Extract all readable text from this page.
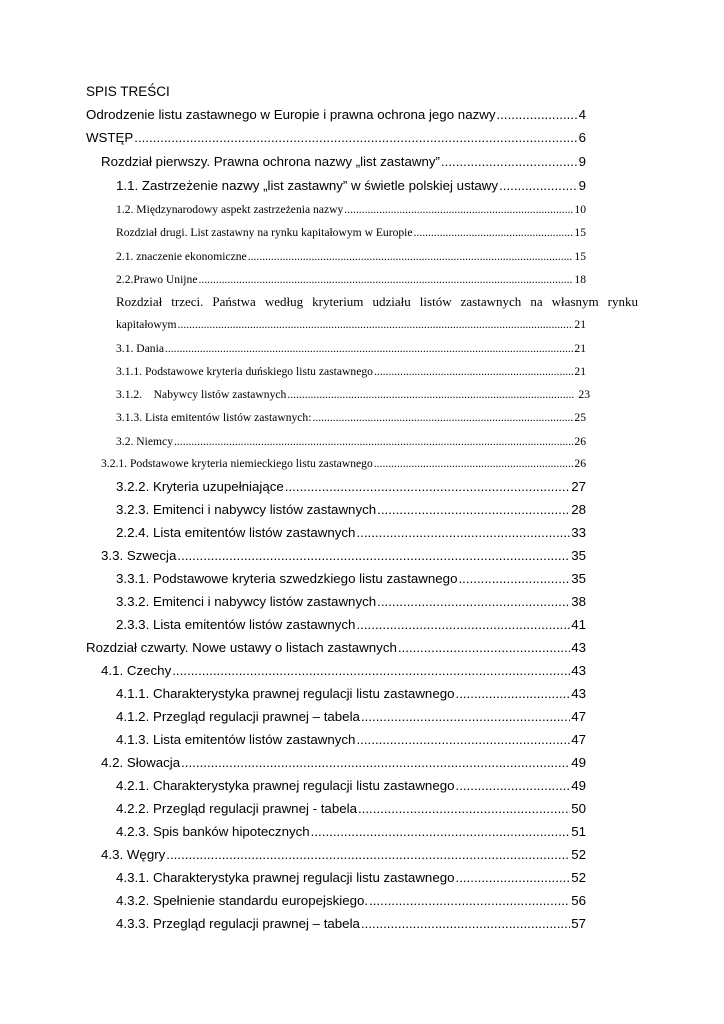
SPIS TREŚCI
Odrodzenie listu zastawnego w Europie i prawna ochrona jego nazwy .....	4
WSTĘP .....	6
Rozdział pierwszy. Prawna ochrona nazwy „list zastawny” .....	9
1.1. Zastrzeżenie nazwy „list zastawny” w świetle polskiej ustawy .....	9
1.2. Międzynarodowy aspekt zastrzeżenia nazwy .....	10
Rozdział drugi. List zastawny na rynku kapitałowym w Europie .....	15
2.1. znaczenie ekonomiczne .....	15
2.2.Prawo Unijne .....	18
Rozdział trzeci. Państwa według kryterium udziału listów zastawnych na własnym rynku
kapitałowym .....	21
3.1. Dania .....	21
3.1.1. Podstawowe kryteria duńskiego listu zastawnego .....	21
3.1.2.    Nabywcy listów zastawnych .....	23
3.1.3. Lista emitentów listów zastawnych: .....	25
3.2. Niemcy .....	26
3.2.1. Podstawowe kryteria niemieckiego listu zastawnego .....	26
3.2.2. Kryteria uzupełniające .....	27
3.2.3. Emitenci i nabywcy listów zastawnych .....	28
2.2.4. Lista emitentów listów zastawnych .....	33
3.3. Szwecja .....	35
3.3.1. Podstawowe kryteria szwedzkiego listu zastawnego .....	35
3.3.2. Emitenci i nabywcy listów zastawnych .....	38
2.3.3. Lista emitentów listów zastawnych .....	41
Rozdział czwarty. Nowe ustawy o listach zastawnych .....	43
4.1. Czechy .....	43
4.1.1. Charakterystyka prawnej regulacji listu zastawnego .....	43
4.1.2. Przegląd regulacji prawnej – tabela .....	47
4.1.3. Lista emitentów listów zastawnych .....	47
4.2. Słowacja .....	49
4.2.1. Charakterystyka prawnej regulacji listu zastawnego .....	49
4.2.2. Przegląd regulacji prawnej - tabela .....	50
4.2.3. Spis banków hipotecznych .....	51
4.3. Węgry .....	52
4.3.1. Charakterystyka prawnej regulacji listu zastawnego .....	52
4.3.2. Spełnienie standardu europejskiego. .....	56
4.3.3. Przegląd regulacji prawnej – tabela .....	57
